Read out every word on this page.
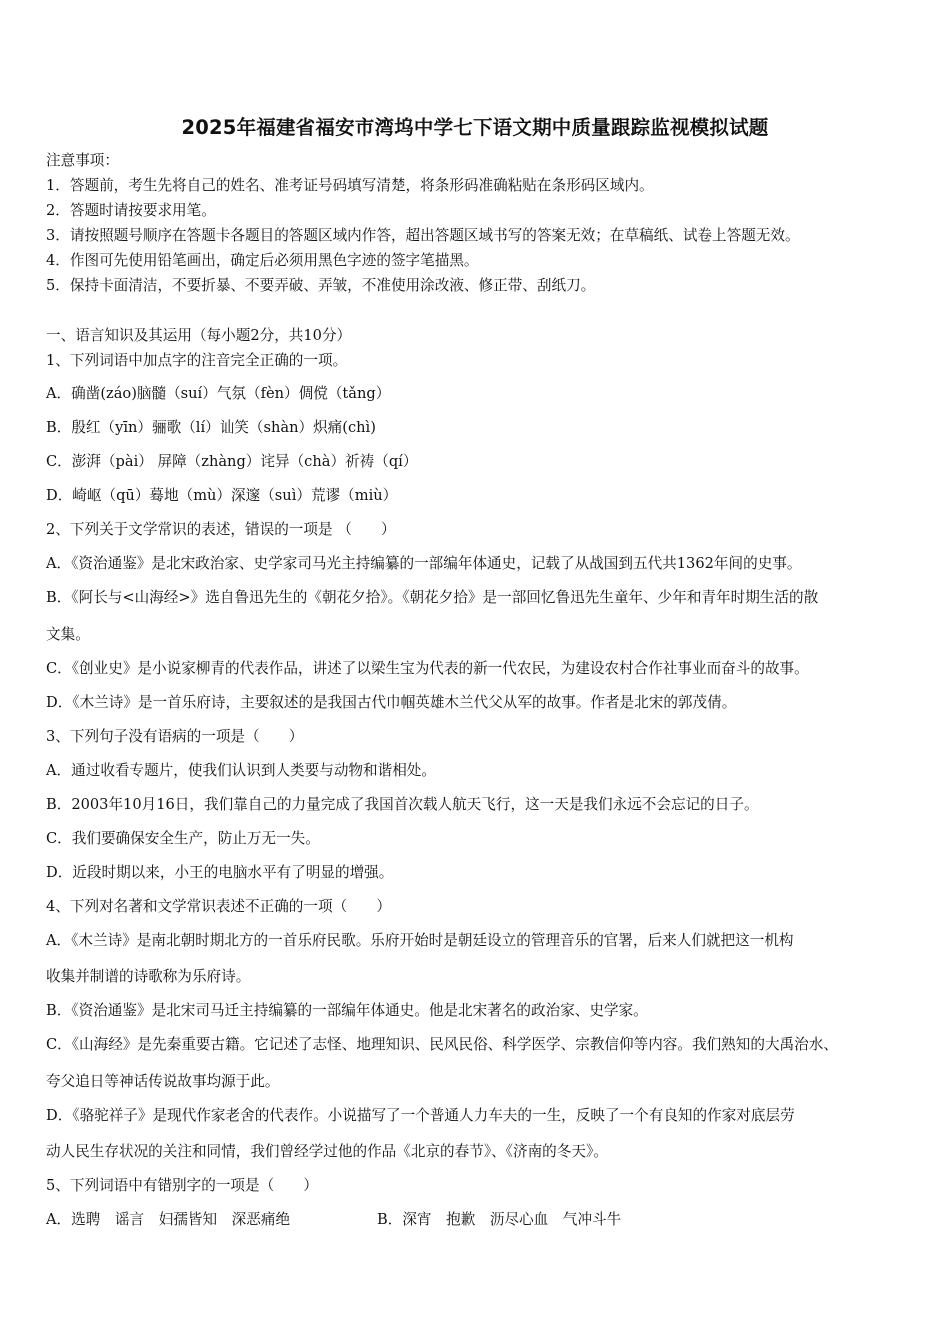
2025年福建省福安市湾坞中学七下语文期中质量跟踪监视模拟试题
注意事项：
1．答题前，考生先将自己的姓名、准考证号码填写清楚，将条形码准确粘贴在条形码区域内。
2．答题时请按要求用笔。
3．请按照题号顺序在答题卡各题目的答题区域内作答，超出答题区域书写的答案无效；在草稿纸、试卷上答题无效。
4．作图可先使用铅笔画出，确定后必须用黑色字迹的签字笔描黑。
5．保持卡面清洁，不要折暴、不要弄破、弄皱，不准使用涂改液、修正带、刮纸刀。
一、语言知识及其运用（每小题2分，共10分）
1、下列词语中加点字的注音完全正确的一项。
A．确凿(záo)脑髓（suí）气氛（fèn）倜傥（tǎng）
B．殷红（yīn）骊歌（lí）讪笑（shàn）炽痛(chì)
C．澎湃（pài） 屏障（zhàng）诧异（chà）祈祷（qí）
D．崎岖（qū）蓦地（mù）深邃（suì）荒谬（miù）
2、下列关于文学常识的表述，错误的一项是 （　　）
A．《资治通鉴》是北宋政治家、史学家司马光主持编纂的一部编年体通史，记载了从战国到五代共1362年间的史事。
B．《阿长与<山海经>》选自鲁迅先生的《朝花夕拾》。《朝花夕拾》是一部回忆鲁迅先生童年、少年和青年时期生活的散
文集。
C．《创业史》是小说家柳青的代表作品，讲述了以梁生宝为代表的新一代农民，为建设农村合作社事业而奋斗的故事。
D．《木兰诗》是一首乐府诗，主要叙述的是我国古代巾帼英雄木兰代父从军的故事。作者是北宋的郭茂倩。
3、下列句子没有语病的一项是（　　）
A．通过收看专题片，使我们认识到人类要与动物和谐相处。
B．2003年10月16日，我们靠自己的力量完成了我国首次载人航天飞行，这一天是我们永远不会忘记的日子。
C．我们要确保安全生产，防止万无一失。
D．近段时期以来，小王的电脑水平有了明显的增强。
4、下列对名著和文学常识表述不正确的一项（　　）
A．《木兰诗》是南北朝时期北方的一首乐府民歌。乐府开始时是朝廷设立的管理音乐的官署，后来人们就把这一机构
收集并制谱的诗歌称为乐府诗。
B．《资治通鉴》是北宋司马迁主持编纂的一部编年体通史。他是北宋著名的政治家、史学家。
C．《山海经》是先秦重要古籍。它记述了志怪、地理知识、民风民俗、科学医学、宗教信仰等内容。我们熟知的大禹治水、
夸父追日等神话传说故事均源于此。
D．《骆驼祥子》是现代作家老舍的代表作。小说描写了一个普通人力车夫的一生，反映了一个有良知的作家对底层劳
动人民生存状况的关注和同情，我们曾经学过他的作品《北京的春节》、《济南的冬天》。
5、下列词语中有错别字的一项是（　　）
A．选聘　谣言　妇孺皆知　深恶痛绝	B．深宵　抱歉　沥尽心血　气冲斗牛
